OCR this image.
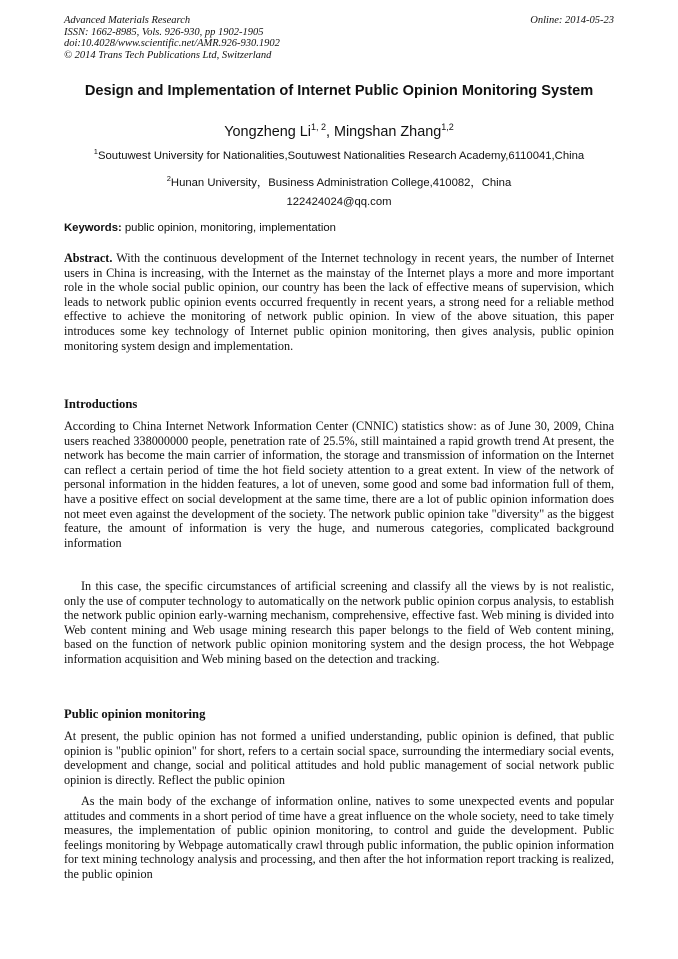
Advanced Materials Research
ISSN: 1662-8985, Vols. 926-930, pp 1902-1905
doi:10.4028/www.scientific.net/AMR.926-930.1902
© 2014 Trans Tech Publications Ltd, Switzerland
Online: 2014-05-23
Design and Implementation of Internet Public Opinion Monitoring System
Yongzheng Li$^{1, 2}$, Mingshan Zhang$^{1,2}$
$^1$Soutuwest University for Nationalities,Soutuwest Nationalities Research Academy,6110041,China
$^2$Hunan University，Business Administration College,410082，China
122424024@qq.com
Keywords: public opinion, monitoring, implementation

Abstract. With the continuous development of the Internet technology in recent years, the number of Internet users in China is increasing, with the Internet as the mainstay of the Internet plays a more and more important role in the whole social public opinion, our country has been the lack of effective means of supervision, which leads to network public opinion events occurred frequently in recent years, a strong need for a reliable method effective to achieve the monitoring of network public opinion. In view of the above situation, this paper introduces some key technology of Internet public opinion monitoring, then gives analysis, public opinion monitoring system design and implementation.

Introductions

According to China Internet Network Information Center (CNNIC) statistics show: as of June 30, 2009, China users reached 338000000 people, penetration rate of 25.5%, still maintained a rapid growth trend At present, the network has become the main carrier of information, the storage and transmission of information on the Internet can reflect a certain period of time the hot field society attention to a great extent. In view of the network of personal information in the hidden features, a lot of uneven, some good and some bad information full of them, have a positive effect on social development at the same time, there are a lot of public opinion information does not meet even against the development of the society. The network public opinion take "diversity" as the biggest feature, the amount of information is very the huge, and numerous categories, complicated background information

In this case, the specific circumstances of artificial screening and classify all the views by is not realistic, only the use of computer technology to automatically on the network public opinion corpus analysis, to establish the network public opinion early-warning mechanism, comprehensive, effective fast. Web mining is divided into Web content mining and Web usage mining research this paper belongs to the field of Web content mining, based on the function of network public opinion monitoring system and the design process, the hot Webpage information acquisition and Web mining based on the detection and tracking.

Public opinion monitoring

At present, the public opinion has not formed a unified understanding, public opinion is defined, that public opinion is "public opinion" for short, refers to a certain social space, surrounding the intermediary social events, development and change, social and political attitudes and hold public management of social network public opinion is directly. Reflect the public opinion

As the main body of the exchange of information online, natives to some unexpected events and popular attitudes and comments in a short period of time have a great influence on the whole society, need to take timely measures, the implementation of public opinion monitoring, to control and guide the development. Public feelings monitoring by Webpage automatically crawl through public information, the public opinion information for text mining technology analysis and processing, and then after the hot information report tracking is realized, the public opinion
